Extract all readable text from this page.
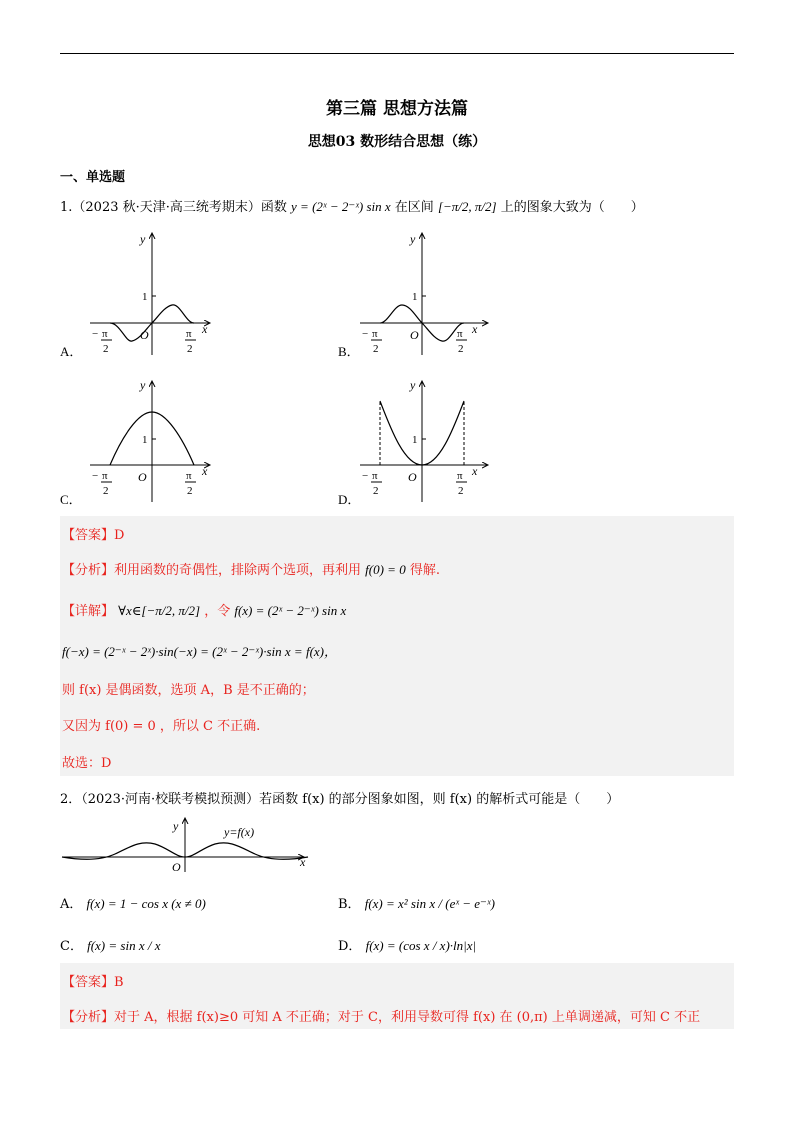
第三篇 思想方法篇
思想03 数形结合思想（练）
一、单选题
1.（2023 秋·天津·高三统考期末）函数 y = (2ˣ − 2⁻ˣ) sin x 在区间 [−π/2, π/2] 上的图象大致为（　　）
y
x
O
1
− π
2
π
2
A．
y
x
O
1
− π
2
π
2
B．
y
x
O
1
− π
2
π
2
C．
y
x
O
1
− π
2
π
2
D．
【答案】D
【分析】利用函数的奇偶性，排除两个选项，再利用 f(0) = 0 得解.
【详解】 ∀x∈[−π/2, π/2] ，令 f(x) = (2ˣ − 2⁻ˣ) sin x
f(−x) = (2⁻ˣ − 2ˣ)·sin(−x) = (2ˣ − 2⁻ˣ)·sin x = f(x)，
则 f(x) 是偶函数，选项 A，B 是不正确的；
又因为 f(0) = 0 ，所以 C 不正确.
故选：D
2．（2023·河南·校联考模拟预测）若函数 f(x) 的部分图象如图，则 f(x) 的解析式可能是（　　）
y
x
O
y=f(x)
A． f(x) = 1 − cos x (x ≠ 0)	B． f(x) = x² sin x / (eˣ − e⁻ˣ)
C． f(x) = sin x / x	D． f(x) = (cos x / x)·ln|x|
【答案】B
【分析】对于 A，根据 f(x)≥0 可知 A 不正确；对于 C，利用导数可得 f(x) 在 (0,π) 上单调递减，可知 C 不正
